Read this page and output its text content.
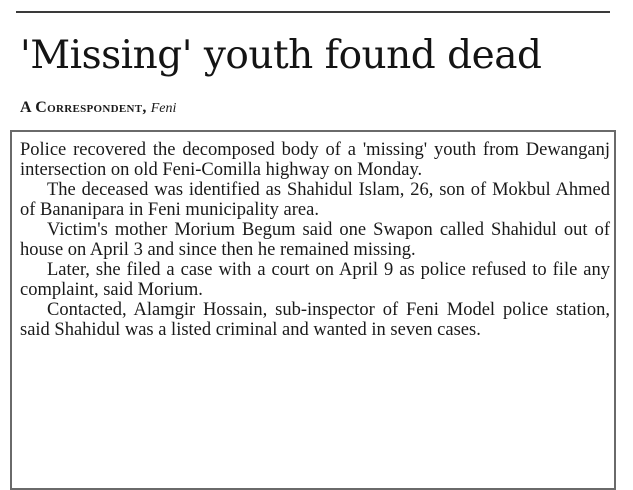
'Missing' youth found dead
A Correspondent, Feni

Police recovered the decomposed body of a 'missing' youth from Dewanganj intersection on old Feni-Comilla highway on Monday.

The deceased was identified as Shahidul Islam, 26, son of Mokbul Ahmed of Bananipara in Feni municipality area.

Victim's mother Morium Begum said one Swapon called Shahidul out of house on April 3 and since then he remained missing.

Later, she filed a case with a court on April 9 as police refused to file any complaint, said Morium.

Contacted, Alamgir Hossain, sub-inspector of Feni Model police station, said Shahidul was a listed criminal and wanted in seven cases.
